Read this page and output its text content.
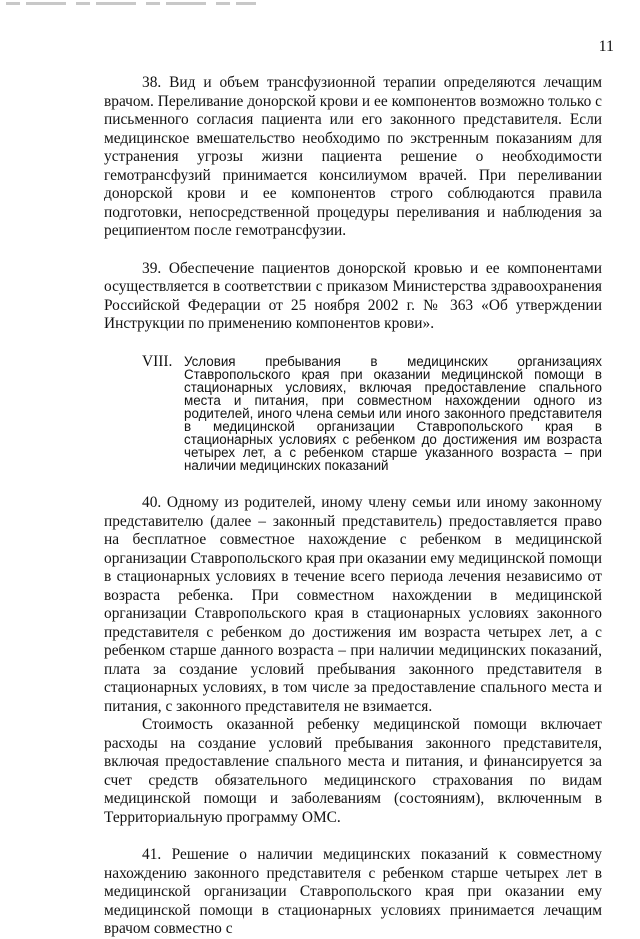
11

38. Вид и объем трансфузионной терапии определяются лечащим врачом. Переливание донорской крови и ее компонентов возможно только с письменного согласия пациента или его законного представителя. Если медицинское вмешательство необходимо по экстренным показаниям для устранения угрозы жизни пациента решение о необходимости гемотрансфузий принимается консилиумом врачей. При переливании донорской крови и ее компонентов строго соблюдаются правила подготовки, непосредственной процедуры переливания и наблюдения за реципиентом после гемотрансфузии.

39. Обеспечение пациентов донорской кровью и ее компонентами осуществляется в соответствии с приказом Министерства здравоохранения Российской Федерации от 25 ноября 2002 г. № 363 «Об утверждении Инструкции по применению компонентов крови».

VIII. Условия пребывания в медицинских организациях Ставропольского края при оказании медицинской помощи в стационарных условиях, включая предоставление спального места и питания, при совместном нахождении одного из родителей, иного члена семьи или иного законного представителя в медицинской организации Ставропольского края в стационарных условиях с ребенком до достижения им возраста четырех лет, а с ребенком старше указанного возраста – при наличии медицинских показаний

40. Одному из родителей, иному члену семьи или иному законному представителю (далее – законный представитель) предоставляется право на бесплатное совместное нахождение с ребенком в медицинской организации Ставропольского края при оказании ему медицинской помощи в стационарных условиях в течение всего периода лечения независимо от возраста ребенка. При совместном нахождении в медицинской организации Ставропольского края в стационарных условиях законного представителя с ребенком до достижения им возраста четырех лет, а с ребенком старше данного возраста – при наличии медицинских показаний, плата за создание условий пребывания законного представителя в стационарных условиях, в том числе за предоставление спального места и питания, с законного представителя не взимается.

Стоимость оказанной ребенку медицинской помощи включает расходы на создание условий пребывания законного представителя, включая предоставление спального места и питания, и финансируется за счет средств обязательного медицинского страхования по видам медицинской помощи и заболеваниям (состояниям), включенным в Территориальную программу ОМС.

41. Решение о наличии медицинских показаний к совместному нахождению законного представителя с ребенком старше четырех лет в медицинской организации Ставропольского края при оказании ему медицинской помощи в стационарных условиях принимается лечащим врачом совместно с
